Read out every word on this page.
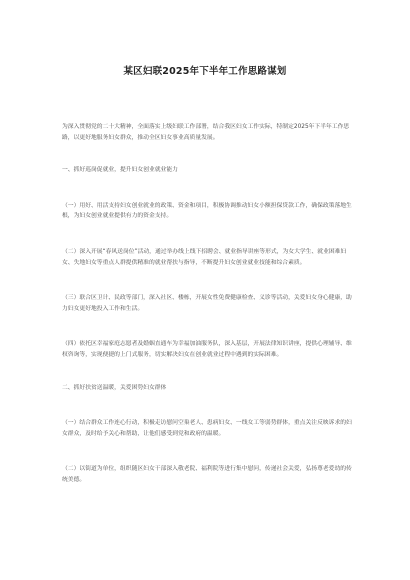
某区妇联2025年下半年工作思路谋划

为深入贯彻党的二十大精神，全面落实上级妇联工作部署，结合我区妇女工作实际，特制定2025年下半年工作思路，以更好地服务妇女群众，推动全区妇女事业高质量发展。

一、抓好巡岗促就业，提升妇女创业就业能力

（一）用好、用活支持妇女创业就业的政策、资金和项目，积极协调推动妇女小额担保贷款工作，确保政策落地生根，为妇女创业就业提供有力的资金支持。

（二）深入开展“春风送岗位”活动，通过举办线上线下招聘会、就业指导讲座等形式，为女大学生、就业困难妇女、失地妇女等重点人群提供精准的就业帮扶与指导，不断提升妇女创业就业技能和综合素质。

（三）联合区卫计、民政等部门，深入社区、楼栋，开展女性免费健康检查、义诊等活动，关爱妇女身心健康，助力妇女更好地投入工作和生活。

（四）依托区幸福家庭志愿者及婚姻直通车为幸福加油服务队，深入基层，开展法律知识讲座，提供心理辅导、维权咨询等，实现便捷的上门式服务，切实解决妇女在创业就业过程中遇到的实际困难。

二、抓好扶贫送温暖，关爱困势妇女群体

（一）结合群众工作连心行动，积极走访慰问空巢老人、患病妇女、一线女工等弱势群体，重点关注反映诉求的妇女群众，及时给予关心和帮助，让他们感受到党和政府的温暖。

（二）以街道为单位，组织随区妇女干部深入敬老院、福利院等进行集中慰问，传递社会关爱，弘扬尊老爱幼的传统美德。
